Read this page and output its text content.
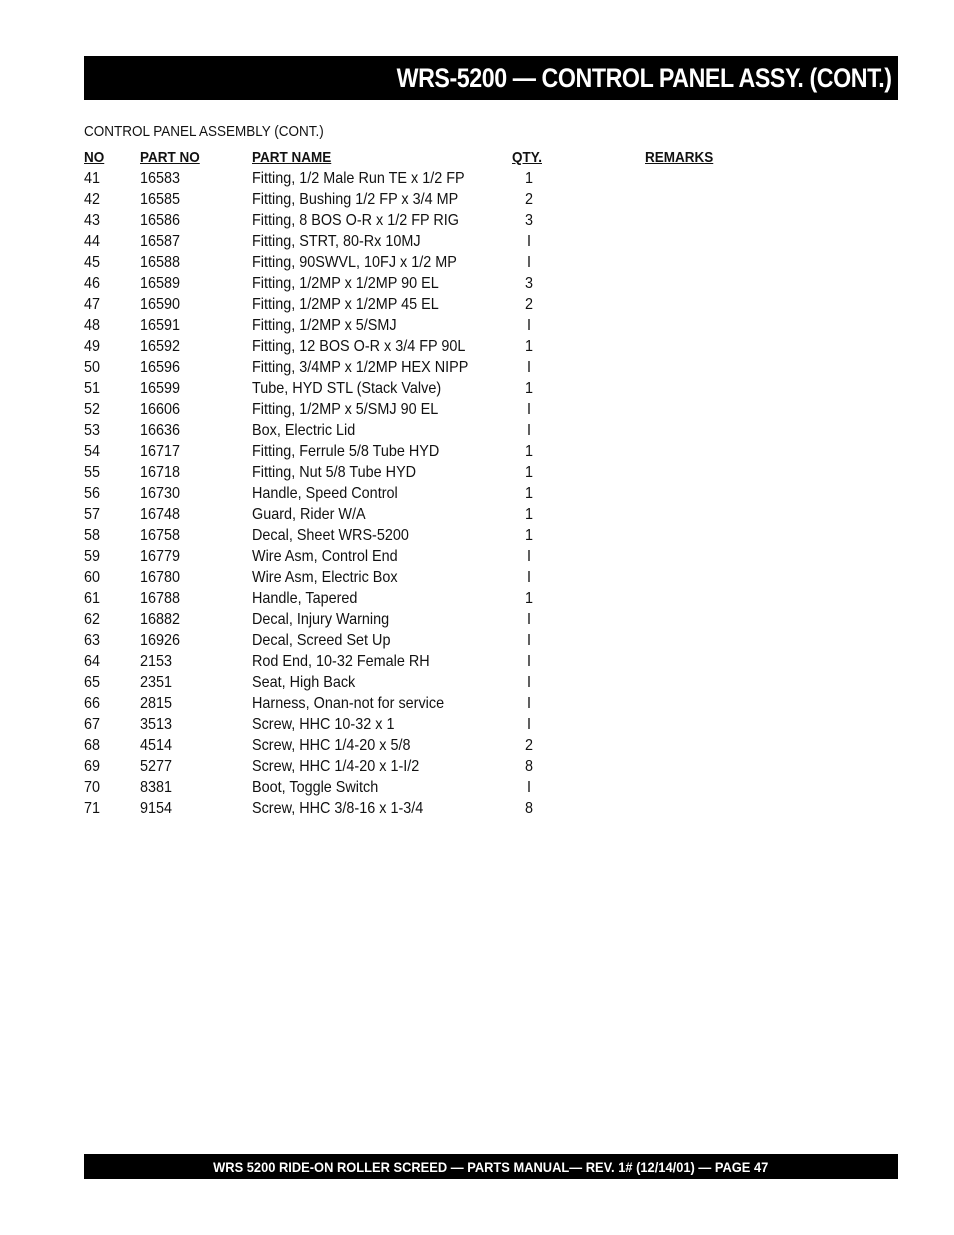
WRS-5200 — CONTROL PANEL ASSY. (CONT.)
CONTROL PANEL ASSEMBLY (CONT.)
NO PART NO	PART NAME	QTY.	REMARKS
41 16583	Fitting, 1/2 Male Run TE x 1/2 FP	1
42 16585	Fitting, Bushing 1/2 FP x 3/4 MP	2
43 16586	Fitting, 8 BOS O-R x 1/2 FP RIG	3
44 16587	Fitting, STRT, 80-Rx 10MJ	I
45 16588	Fitting, 90SWVL, 10FJ x 1/2 MP	I
46 16589	Fitting, 1/2MP x 1/2MP 90 EL	3
47 16590	Fitting, 1/2MP x 1/2MP 45 EL	2
48 16591	Fitting, 1/2MP x 5/SMJ	I
49 16592	Fitting, 12 BOS O-R x 3/4 FP 90L	1
50 16596	Fitting, 3/4MP x 1/2MP HEX NIPP	I
51 16599	Tube, HYD STL (Stack Valve)	1
52 16606	Fitting, 1/2MP x 5/SMJ 90 EL	I
53 16636	Box, Electric Lid	I
54 16717	Fitting, Ferrule 5/8 Tube HYD	1
55 16718	Fitting, Nut 5/8 Tube HYD	1
56 16730	Handle, Speed Control	1
57 16748	Guard, Rider W/A	1
58 16758	Decal, Sheet WRS-5200	1
59 16779	Wire Asm, Control End	I
60 16780	Wire Asm, Electric Box	I
61 16788	Handle, Tapered	1
62 16882	Decal, Injury Warning	I
63 16926	Decal, Screed Set Up	I
64 2153	Rod End, 10-32 Female RH	I
65 2351	Seat, High Back	I
66 2815	Harness, Onan-not for service	I
67 3513	Screw, HHC 10-32 x 1	I
68 4514	Screw, HHC 1/4-20 x 5/8	2
69 5277	Screw, HHC 1/4-20 x 1-I/2	8
70 8381	Boot, Toggle Switch	I
71 9154	Screw, HHC 3/8-16 x 1-3/4	8
WRS 5200 RIDE-ON ROLLER SCREED — PARTS MANUAL— REV. 1# (12/14/01) — PAGE 47
